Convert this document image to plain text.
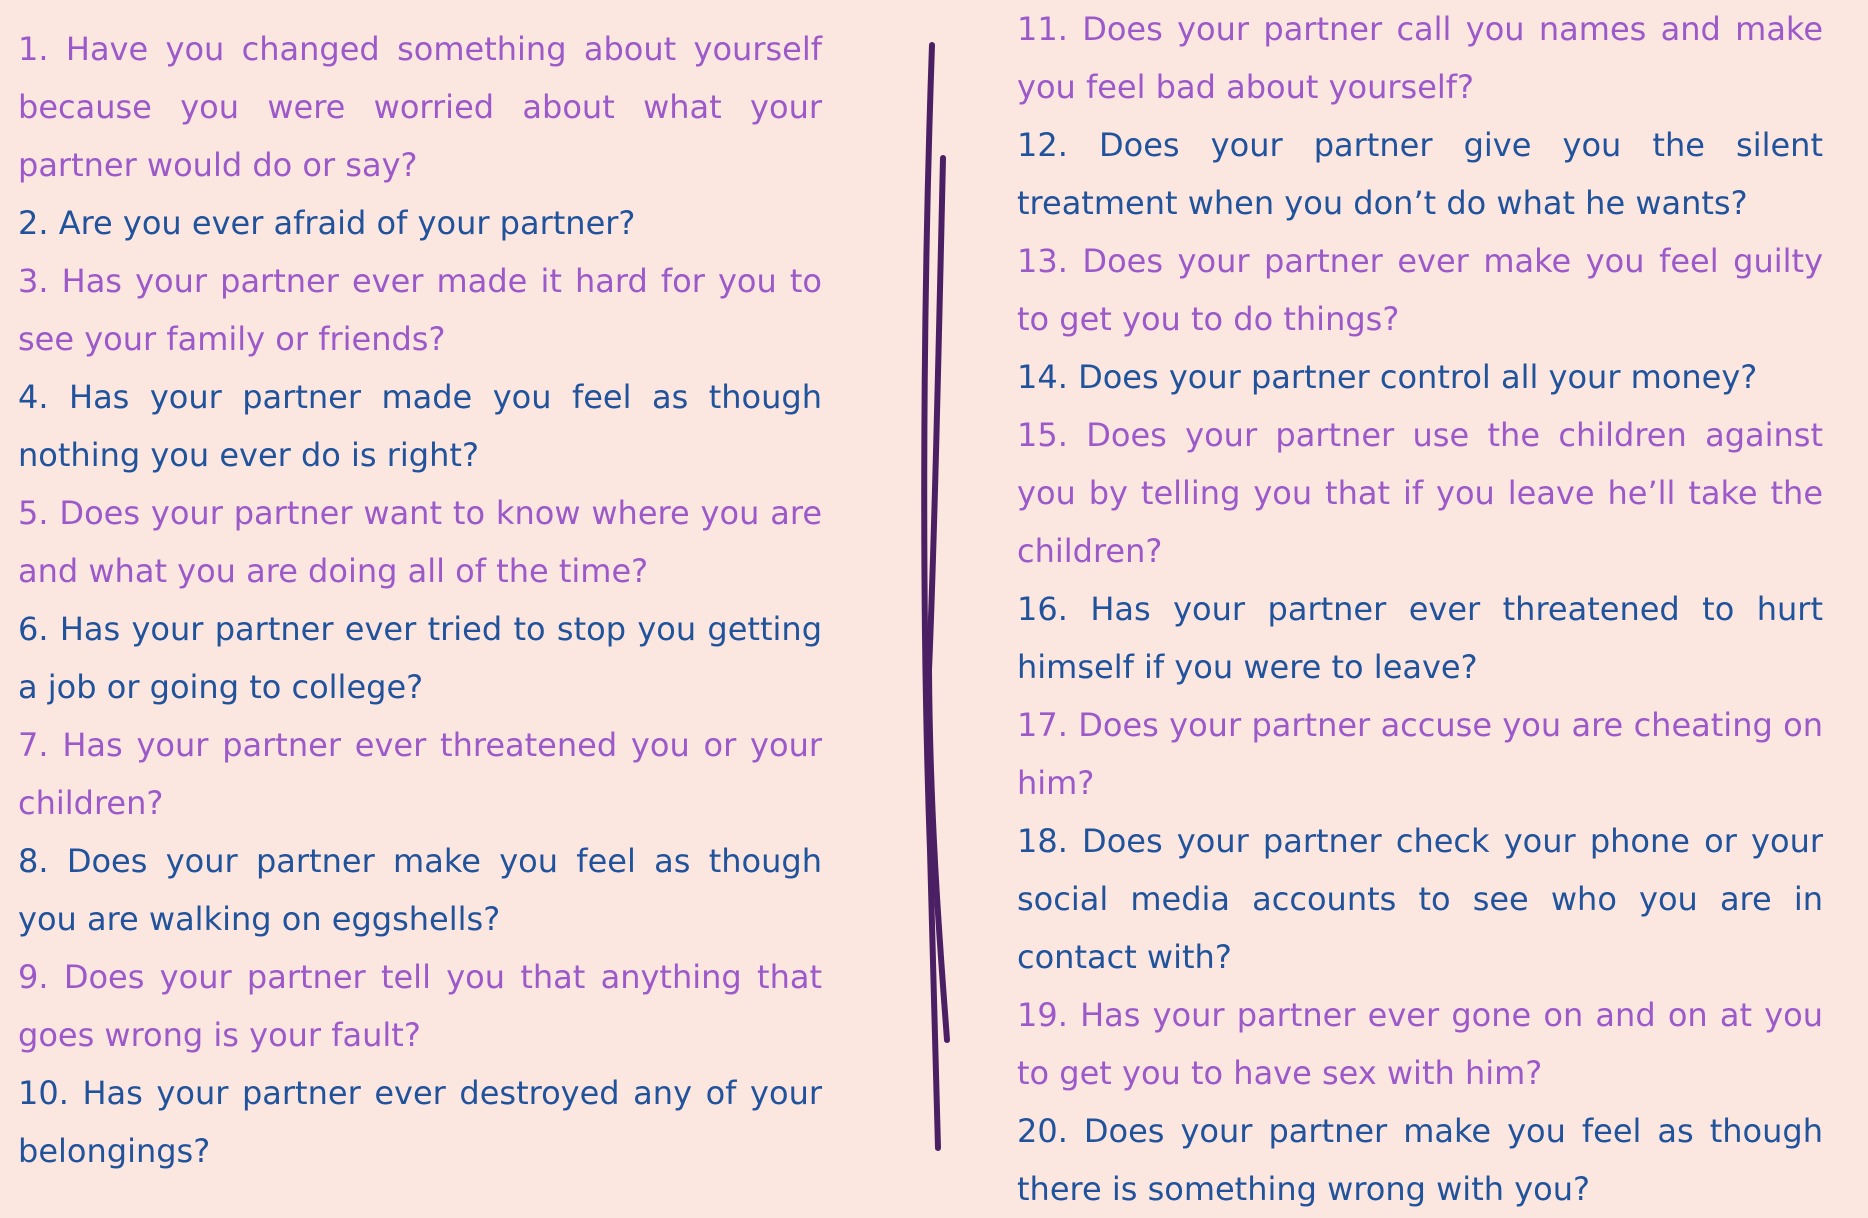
1. Have you changed something about yourself because you were worried about what your partner would do or say?
2. Are you ever afraid of your partner?
3. Has your partner ever made it hard for you to see your family or friends?
4. Has your partner made you feel as though nothing you ever do is right?
5. Does your partner want to know where you are and what you are doing all of the time?
6. Has your partner ever tried to stop you getting a job or going to college?
7. Has your partner ever threatened you or your children?
8. Does your partner make you feel as though you are walking on eggshells?
9. Does your partner tell you that anything that goes wrong is your fault?
10. Has your partner ever destroyed any of your belongings?
11. Does your partner call you names and make you feel bad about yourself?
12. Does your partner give you the silent treatment when you don’t do what he wants?
13. Does your partner ever make you feel guilty to get you to do things?
14. Does your partner control all your money?
15. Does your partner use the children against you by telling you that if you leave he’ll take the children?
16. Has your partner ever threatened to hurt himself if you were to leave?
17. Does your partner accuse you are cheating on him?
18. Does your partner check your phone or your social media accounts to see who you are in contact with?
19. Has your partner ever gone on and on at you to get you to have sex with him?
20. Does your partner make you feel as though there is something wrong with you?
